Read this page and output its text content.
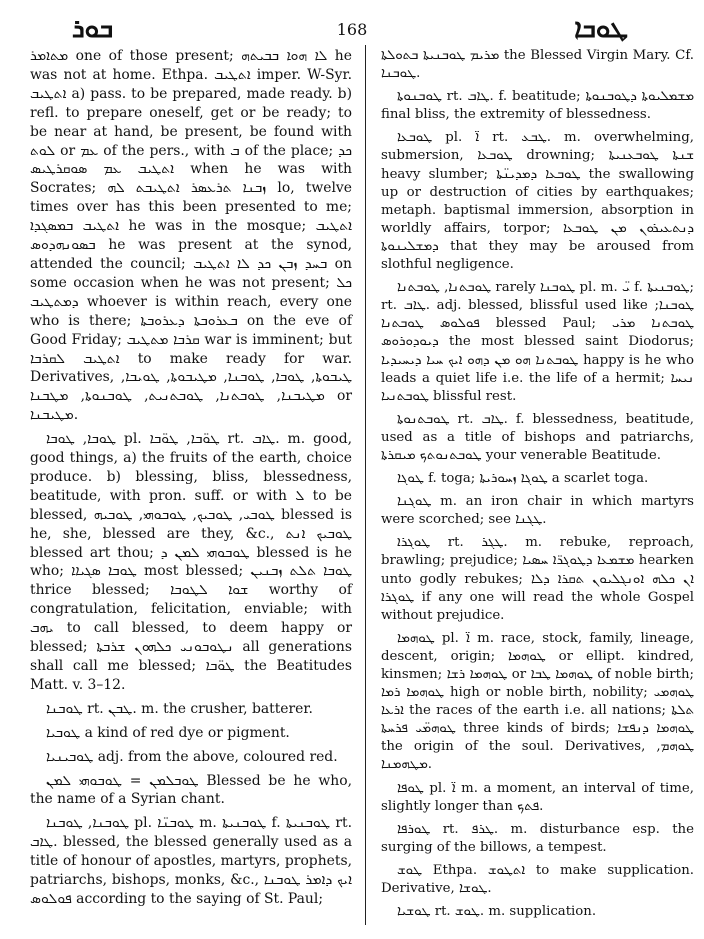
ܒܘܪ	168	ܛܘܒܐ

ܡܬܐܡܪ one of those present; ܠܐ ܗܘܐ ܒܒܝܬܗ he was not at home. Ethpa. ܐܬܛܝܒ imper. W-Syr. ܐܬܛܝܒ a) pass. to be prepared, made ready. b) refl. to prepare oneself, get or be ready; to be near at hand, be present, be found with ܠܘܬ or ܥܡ of the pers., with ܒ of the place; ܟܕ ܐܬܛܝܒ ܥܡ ܣܘܩܪܛܝܣ when he was with Socrates; ܙܒܢܐ ܬܪܥܣܪ ܐܬܛܝܒܬ ܠܗ lo, twelve times over has this been presented to me; ܐܬܛܝܒ ܒܡܣܓܕܐ he was in the mosque; ܐܬܛܝܒ ܒܣܘܢܗܕܘܣ he was present at the synod, attended the council; ܒܚܕ ܙܒܢ ܟܕ ܠܐ ܐܬܛܝܒ on some occasion when he was not present; ܟܠ ܕܡܬܛܝܒ whoever is within reach, every one who is there; ܒܥܪܘܒܬܐ ܕܥܪܘܒܬܐ on the eve of Good Friday; ܩܪܒܐ ܡܬܛܝܒ war is imminent; but ܐܬܛܝܒ ܠܩܪܒܐ to make ready for war. Derivatives, ܛܝܒܘܬܐ, ܛܘܒܐ, ܛܘܒܢܐ, ܡܛܝܒܘܬܐ, ܛܘܝܒܐ, ܡܛܝܒܢܐ, ܛܘܒܬܢܐ, ܛܘܒܬܢܝܬ, ܛܘܒܢܘܬܐ, ܡܛܒܢܐ or ܡܛܝܒܢܐ.

ܛܘܒܐ, ܛܘܒܐ pl. ܛܘ̈ܒܐ, ܛܘ̈ܒܐ rt. ܛܐܒ. m. good, good things, a) the fruits of the earth, choice produce. b) blessing, bliss, blessedness, beatitude, with pron. suff. or with ܠ to be blessed, ܛܘܒܝ, ܛܘܒܝܟ, ܛܘܒܘܗܝ, ܛܘܒܝܗ blessed is he, she, blessed are they, &c., ܛܘܒܝܟ ܐܢܬ blessed art thou; ܛܘܒܘܗܝ ܠܡܢ ܕ blessed is he who; ܛܘܒܐ ܣܓܝܐܐ most blessed; ܛܘܒܐ ܬܠܬ ܙܒܢܝܢ thrice blessed; ܫܘܐ ܠܛܘܒܐ worthy of congratulation, felicitation, enviable; with ܝܗܒ to call blessed, to deem happy or blessed; ܢܛܘܒܘܢܝ ܟܠܗܘܢ ܫܪܒܬܐ all generations shall call me blessed; ܛܘ̈ܒܐ the Beatitudes Matt. v. 3–12.

ܛܘܒܢܐ rt. ܛܒܢ. m. the crusher, batterer.

ܛܘܒܝܐ a kind of red dye or pigment.

ܛܘܒܝܢܝܐ adj. from the above, coloured red.

ܛܘܒܠܡܢ = ܛܘܒܘܗܝ ܠܡܢ Blessed be he who, the name of a Syrian chant.

ܛܘܒܢܐ, ܛܘܒܢܐ pl. ܛܘܒܢ̈ܐ m. ܛܘܒܢܝܬܐ f. ܛܘܒܢܝܬܐ rt. ܛܐܒ. blessed, the blessed generally used as a title of honour of apostles, martyrs, prophets, patriarchs, bishops, monks, &c., ܐܝܟ ܕܐܡܪ ܛܘܒܢܐ ܦܘܠܘܣ according to the saying of St. Paul;

ܡܪܝܡ ܛܘܒܢܝܬܐ ܒܬܘܠܬܐ the Blessed Virgin Mary. Cf. ܛܘܒܢܐ.

ܛܘܒܢܘܬܐ rt. ܛܐܒ. f. beatitude; ܡܫܡܠܝܘܬܐ ܕܛܘܒܢܘܬܐ final bliss, the extremity of blessedness.

ܛܘܒܥܐ pl. ܐ̈ rt. ܛܒܥ. m. overwhelming, submersion, ܛܘܒܥܐ drowning; ܫܢܬܐ ܛܘܒܥܢܝܬܐ heavy slumber; ܛܘܒܥܐ ܕܡܕܝܢ̈ܬܐ the swallowing up or destruction of cities by earthquakes; metaph. baptismal immersion, absorption in worldly affairs, torpor; ܕܢܬܥܝܪܘܢ ܡܢ ܛܘܒܥܐ ܕܡܫܠܝܢܘܬܐ that they may be aroused from slothful negligence.

ܛܘܒܬܢܐ, ܛܘܒܬܢܐ rarely ܛܘܒܢܐ pl. m. ܝ̈ f. ܛܘܒܢܝܬܐ; rt. ܛܐܒ. adj. blessed, blissful used like ܛܘܒܢܐ; ܦܘܠܘܣ ܛܘܒܬܢܐ blessed Paul; ܛܘܒܬܢܐ ܡܪܝ ܕܝܘܕܘܪܘܣ the most blessed saint Diodorus; ܛܘܒܬܢܐ ܗܘ ܡܢ ܕܗܘ ܐܝܟ ܚܝܐ ܕܝܚܝܕܝܐ happy is he who leads a quiet life i.e. the life of a hermit; ܢܝܚܐ ܛܘܒܬܢܝܐ blissful rest.

ܛܘܒܬܢܘܬܐ rt. ܛܐܒ. f. blessedness, beatitude, used as a title of bishops and patriarchs, ܛܘܒܬܢܘܬܟ ܡܝܩܪܬܐ your venerable Beatitude.

ܛܘܓܐ f. toga; ܛܘܓܐ ܙܚܘܪܝܬܐ a scarlet toga.

ܛܘܓܢܐ m. an iron chair in which martyrs were scorched; see ܛܓܢܐ.

ܛܘܓܪܐ rt. ܛܓܪ. m. rebuke, reproach, brawling; prejudice; ܡܫܡܥܐ ܕܛܘܓܪ̈ܐ ܚܣܝܐ hearken unto godly rebukes; ܐܢ ܟܠܗ ܐܘܢܓܠܝܘܢ ܬܩܪܐ ܕܠܐ ܛܘܓܪܐ if any one will read the whole Gospel without prejudice.

ܛܘܗܡܐ pl. ܐ̈ m. race, stock, family, lineage, descent, origin; ܛܘܗܡܐ or ellipt. kindred, kinsmen; ܛܘܗܡܐ ܪܫܐ or ܛܘܗܡܐ ܛܒܐ of noble birth; ܛܘܗܡܐ ܪܡܐ high or noble birth, nobility; ܛܘܗܡܝ ܐܪܥܐ the races of the earth i.e. all nations; ܬܠܬܐ ܛܘܗܡ̈ܝ ܦܪܚܬܐ three kinds of birds; ܛܘܗܡܐ ܕܢܦܫܐ the origin of the soul. Derivatives, ܛܘܗܡ, ܡܛܗܡܢܐ.

ܛܘܦܐ pl. ܐ̈ m. a moment, an interval of time, slightly longer than ܦܬܟ.

ܛܘܪܦܐ rt. ܛܪܦ. m. disturbance esp. the surging of the billows, a tempest.

ܛܘܫ Ethpa. ܐܬܛܘܫ to make supplication. Derivative, ܛܘܫܐ.

ܛܘܫܝܐ rt. ܛܘܫ. m. supplication.
